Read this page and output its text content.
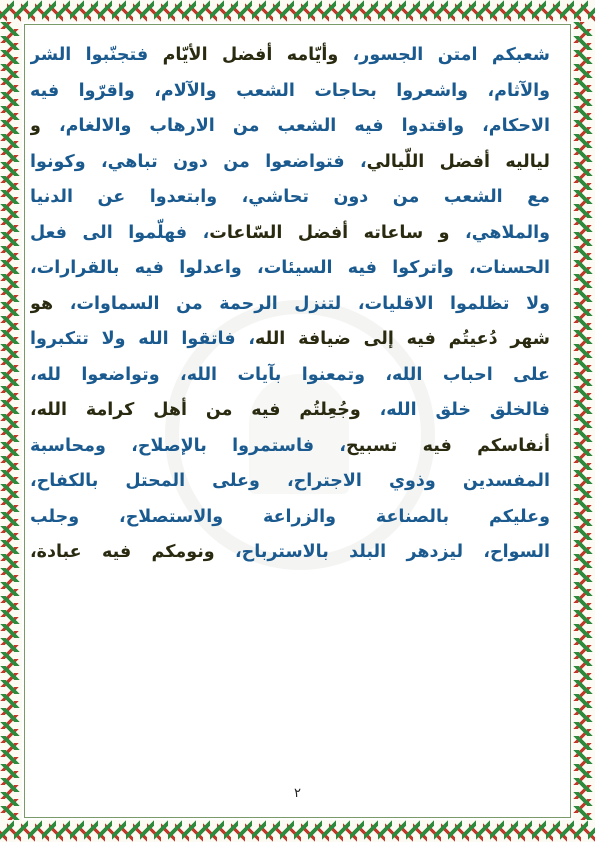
شعبكم امتن الجسور، وأيّامه أفضل الأيّام فتجنّبوا الشر
والآثام، واشعروا بحاجات الشعب والآلام، واقرّوا فيه
الاحكام، واقتدوا فيه الشعب من الارهاب والالغام، و
لياليه أفضل اللّيالي، فتواضعوا من دون تباهي، وكونوا
مع الشعب من دون تحاشي، وابتعدوا عن الدنيا
والملاهي، و ساعاته أفضل السّاعات، فهلّموا الى فعل
الحسنات، واتركوا فيه السيئات، واعدلوا فيه بالقرارات،
ولا تظلموا الاقليات، لتنزل الرحمة من السماوات، هو
شهر دُعيتُم فيه إلى ضيافة الله، فاتقوا الله ولا تتكبروا
على احباب الله، وتمعنوا بآيات الله، وتواضعوا لله،
فالخلق خلق الله، وجُعِلتُم فيه من أهل كرامة الله،
أنفاسكم فيه تسبيح، فاستمروا بالإصلاح، ومحاسبة
المفسدين وذوي الاجتراح، وعلى المحتل بالكفاح،
وعليكم بالصناعة والزراعة والاستصلاح، وجلب
السواح، ليزدهر البلد بالاسترباح، ونومكم فيه عبادة،
٢
